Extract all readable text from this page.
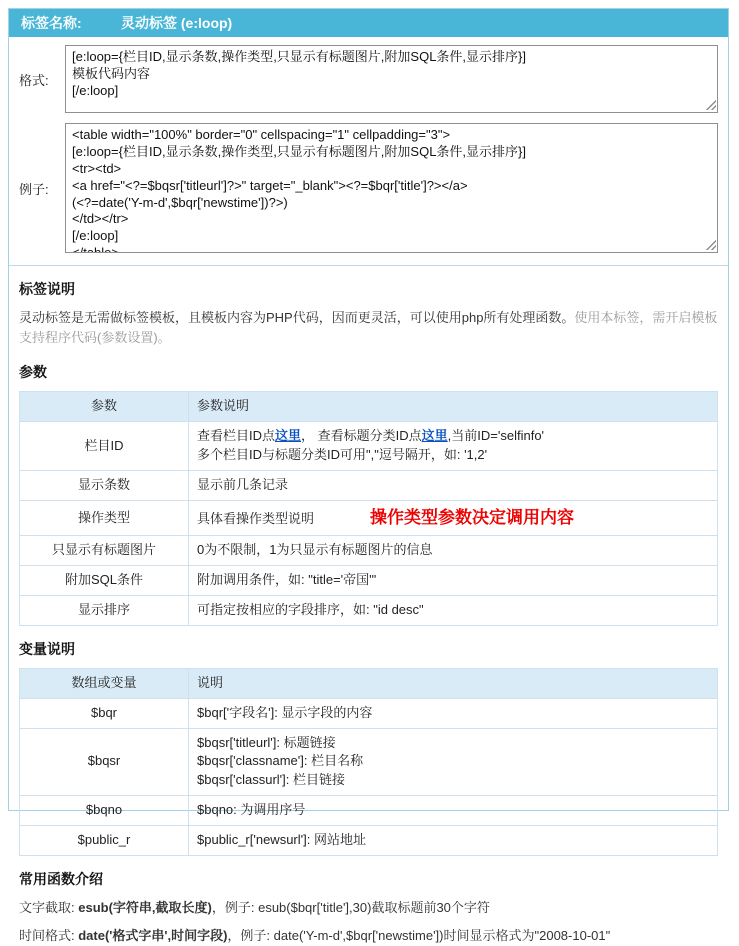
标签名称:	灵动标签 (e:loop)
格式:
[e:loop={栏目ID,显示条数,操作类型,只显示有标题图片,附加SQL条件,显示排序}] 模板代码内容 [/e:loop]
例子:
<table width="100%" border="0" cellspacing="1" cellpadding="3"> [e:loop={栏目ID,显示条数,操作类型,只显示有标题图片,附加SQL条件,显示排序}] <tr><td> <a href="<?=$bqsr['titleurl']?>" target="_blank"><?=$bqr['title']?></a> (<?=date('Y-m-d',$bqr['newstime'])?>) </td></tr> [/e:loop] </table>
标签说明

灵动标签是无需做标签模板，且模板内容为PHP代码，因而更灵活，可以使用php所有处理函数。使用本标签，需开启模板支持程序代码(参数设置)。

参数
参数	参数说明
栏目ID	查看栏目ID点这里， 查看标题分类ID点这里,当前ID='selfinfo'
多个栏目ID与标题分类ID可用","逗号隔开，如: '1,2'
显示条数	显示前几条记录
操作类型	具体看操作类型说明 操作类型参数决定调用内容
只显示有标题图片	0为不限制，1为只显示有标题图片的信息
附加SQL条件	附加调用条件，如: "title='帝国'"
显示排序	可指定按相应的字段排序，如: "id desc"
变量说明
数组或变量	说明
$bqr	$bqr['字段名']: 显示字段的内容
$bqsr	$bqsr['titleurl']: 标题链接
$bqsr['classname']: 栏目名称
$bqsr['classurl']: 栏目链接
$bqno	$bqno: 为调用序号
$public_r	$public_r['newsurl']: 网站地址
常用函数介绍
文字截取: esub(字符串,截取长度)，例子: esub($bqr['title'],30)截取标题前30个字符
时间格式: date('格式字串',时间字段)，例子: date('Y-m-d',$bqr['newstime'])时间显示格式为"2008-10-01"
